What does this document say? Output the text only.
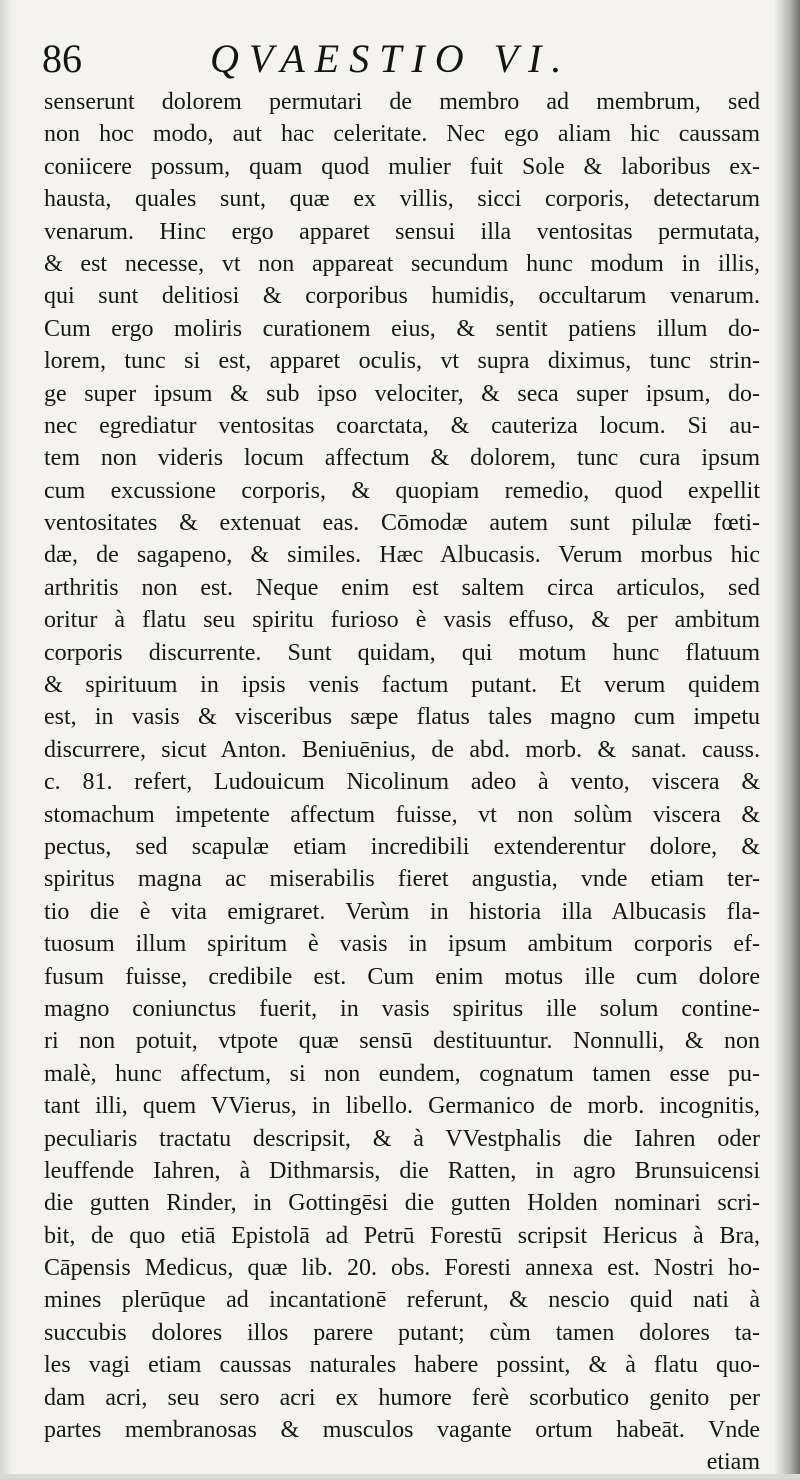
86	QVAESTIO VI.
senserunt dolorem permutari de membro ad membrum, sed
non hoc modo, aut hac celeritate. Nec ego aliam hic caussam
coniicere possum, quam quod mulier fuit Sole & laboribus ex-
hausta, quales sunt, quæ ex villis, sicci corporis, detectarum
venarum. Hinc ergo apparet sensui illa ventositas permutata,
& est necesse, vt non appareat secundum hunc modum in illis,
qui sunt delitiosi & corporibus humidis, occultarum venarum.
Cum ergo moliris curationem eius, & sentit patiens illum do-
lorem, tunc si est, apparet oculis, vt supra diximus, tunc strin-
ge super ipsum & sub ipso velociter, & seca super ipsum, do-
nec egrediatur ventositas coarctata, & cauteriza locum. Si au-
tem non videris locum affectum & dolorem, tunc cura ipsum
cum excussione corporis, & quopiam remedio, quod expellit
ventositates & extenuat eas. Cōmodæ autem sunt pilulæ fœti-
dæ, de sagapeno, & similes. Hæc Albucasis. Verum morbus hic
arthritis non est. Neque enim est saltem circa articulos, sed
oritur à flatu seu spiritu furioso è vasis effuso, & per ambitum
corporis discurrente. Sunt quidam, qui motum hunc flatuum
& spirituum in ipsis venis factum putant. Et verum quidem
est, in vasis & visceribus sæpe flatus tales magno cum impetu
discurrere, sicut Anton. Beniuēnius, de abd. morb. & sanat. causs.
c. 81. refert, Ludouicum Nicolinum adeo à vento, viscera &
stomachum impetente affectum fuisse, vt non solùm viscera &
pectus, sed scapulæ etiam incredibili extenderentur dolore, &
spiritus magna ac miserabilis fieret angustia, vnde etiam ter-
tio die è vita emigraret. Verùm in historia illa Albucasis fla-
tuosum illum spiritum è vasis in ipsum ambitum corporis ef-
fusum fuisse, credibile est. Cum enim motus ille cum dolore
magno coniunctus fuerit, in vasis spiritus ille solum contine-
ri non potuit, vtpote quæ sensū destituuntur. Nonnulli, & non
malè, hunc affectum, si non eundem, cognatum tamen esse pu-
tant illi, quem VVierus, in libello. Germanico de morb. incognitis,
peculiaris tractatu descripsit, & à VVestphalis die Iahren oder
leuffende Iahren, à Dithmarsis, die Ratten, in agro Brunsuicensi
die gutten Rinder, in Gottingēsi die gutten Holden nominari scri-
bit, de quo etiā Epistolā ad Petrū Forestū scripsit Hericus à Bra,
Cāpensis Medicus, quæ lib. 20. obs. Foresti annexa est. Nostri ho-
mines plerūque ad incantationē referunt, & nescio quid nati à
succubis dolores illos parere putant; cùm tamen dolores ta-
les vagi etiam caussas naturales habere possint, & à flatu quo-
dam acri, seu sero acri ex humore ferè scorbutico genito per
partes membranosas & musculos vagante ortum habeāt. Vnde
etiam
